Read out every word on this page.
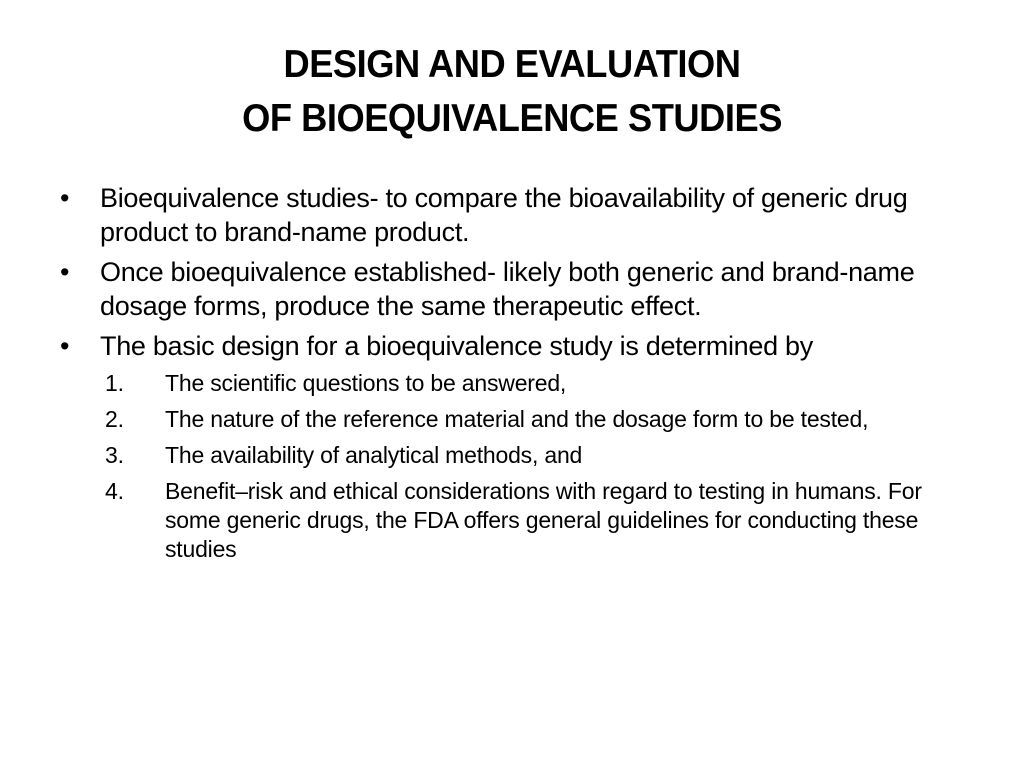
DESIGN AND EVALUATION
OF BIOEQUIVALENCE STUDIES
• Bioequivalence studies- to compare the bioavailability of generic drug product to brand-name product.
• Once bioequivalence established- likely both generic and brand-name dosage forms, produce the same therapeutic effect.
• The basic design for a bioequivalence study is determined by
1. The scientific questions to be answered,
2. The nature of the reference material and the dosage form to be tested,
3. The availability of analytical methods, and
4. Benefit–risk and ethical considerations with regard to testing in humans. For some generic drugs, the FDA offers general guidelines for conducting these studies
